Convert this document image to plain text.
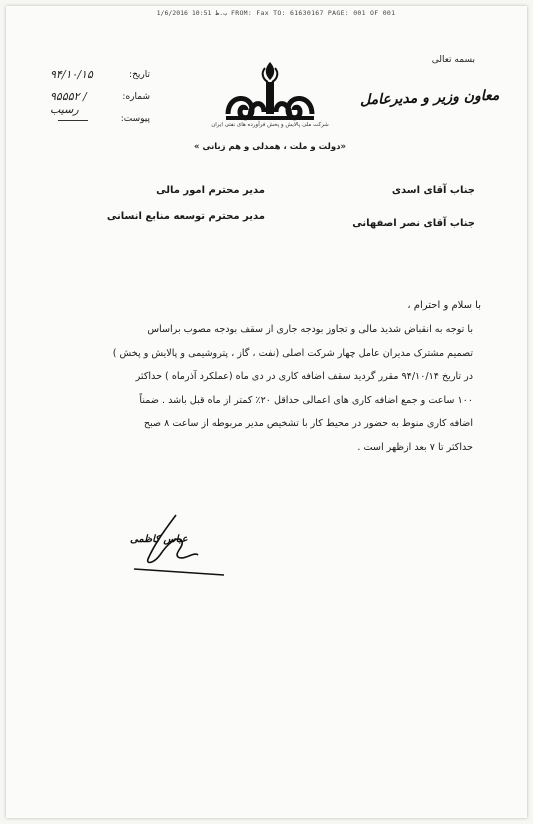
1/6/2016 ب.ظ 10:51 FROM: Fax TO: 61630167 PAGE: 001 OF 001
بسمه تعالی
معاون وزیر و مدیرعامل
تاریخ:
۹۴/۱۰/۱۵
شماره:
۹۵۵۵۲ / رسیب
پیوست:
شرکت ملی پالایش و پخش فرآورده های نفتی ایران
«دولت و ملت ، همدلی و هم زبانی »
جناب آقای اسدی
جناب آقای نصر اصفهانی
مدیر محترم امور مالی
مدیر محترم توسعه منابع انسانی
با سلام و احترام ،
با توجه به انقباض شدید مالی و تجاوز بودجه جاری از سقف بودجه مصوب براساس
تصمیم مشترک مدیران عامل چهار شرکت اصلی (نفت ، گاز ، پتروشیمی و پالایش و پخش )
در تاریخ ۹۴/۱۰/۱۴ مقرر گردید سقف اضافه کاری در دی ماه (عملکرد آذرماه ) حداکثر
۱۰۰ ساعت و جمع اضافه کاری های اعمالی حداقل ۲۰٪ کمتر از ماه قبل باشد . ضمناً
اضافه کاری منوط به حضور در محیط کار با تشخیص مدیر مربوطه از ساعت ۸ صبح
حداکثر تا ۷ بعد ازظهر است .
عباس کاظمی
